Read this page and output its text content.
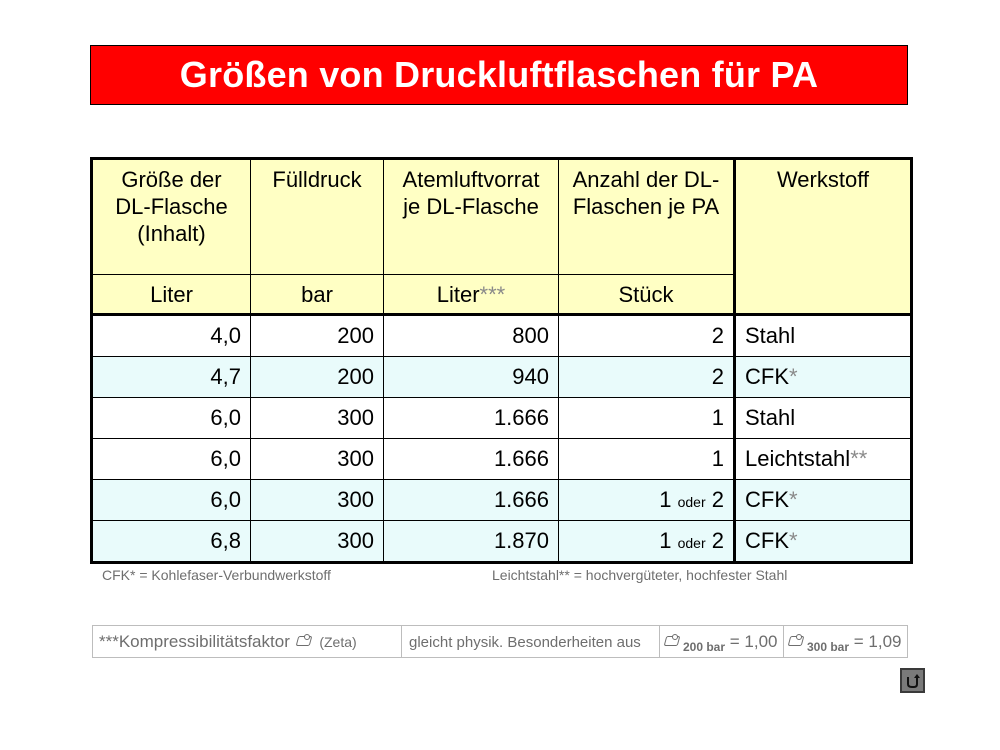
Größen von Druckluftflaschen für PA
Größe der DL-Flasche (Inhalt)	Fülldruck	Atemluftvorrat je DL-Flasche	Anzahl der DL-Flaschen je PA	Werkstoff
Liter	bar	Liter***	Stück	
4,0	200	800	2	Stahl
4,7	200	940	2	CFK*
6,0	300	1.666	1	Stahl
6,0	300	1.666	1	Leichtstahl**
6,0	300	1.666	1 oder 2	CFK*
6,8	300	1.870	1 oder 2	CFK*
CFK* = Kohlefaser-Verbundwerkstoff	Leichtstahl** = hochvergüteter, hochfester Stahl
***Kompressibilitätsfaktor (Zeta)	gleicht physik. Besonderheiten aus	$_{200 bar}$ = 1,00	$_{300 bar}$ = 1,09
